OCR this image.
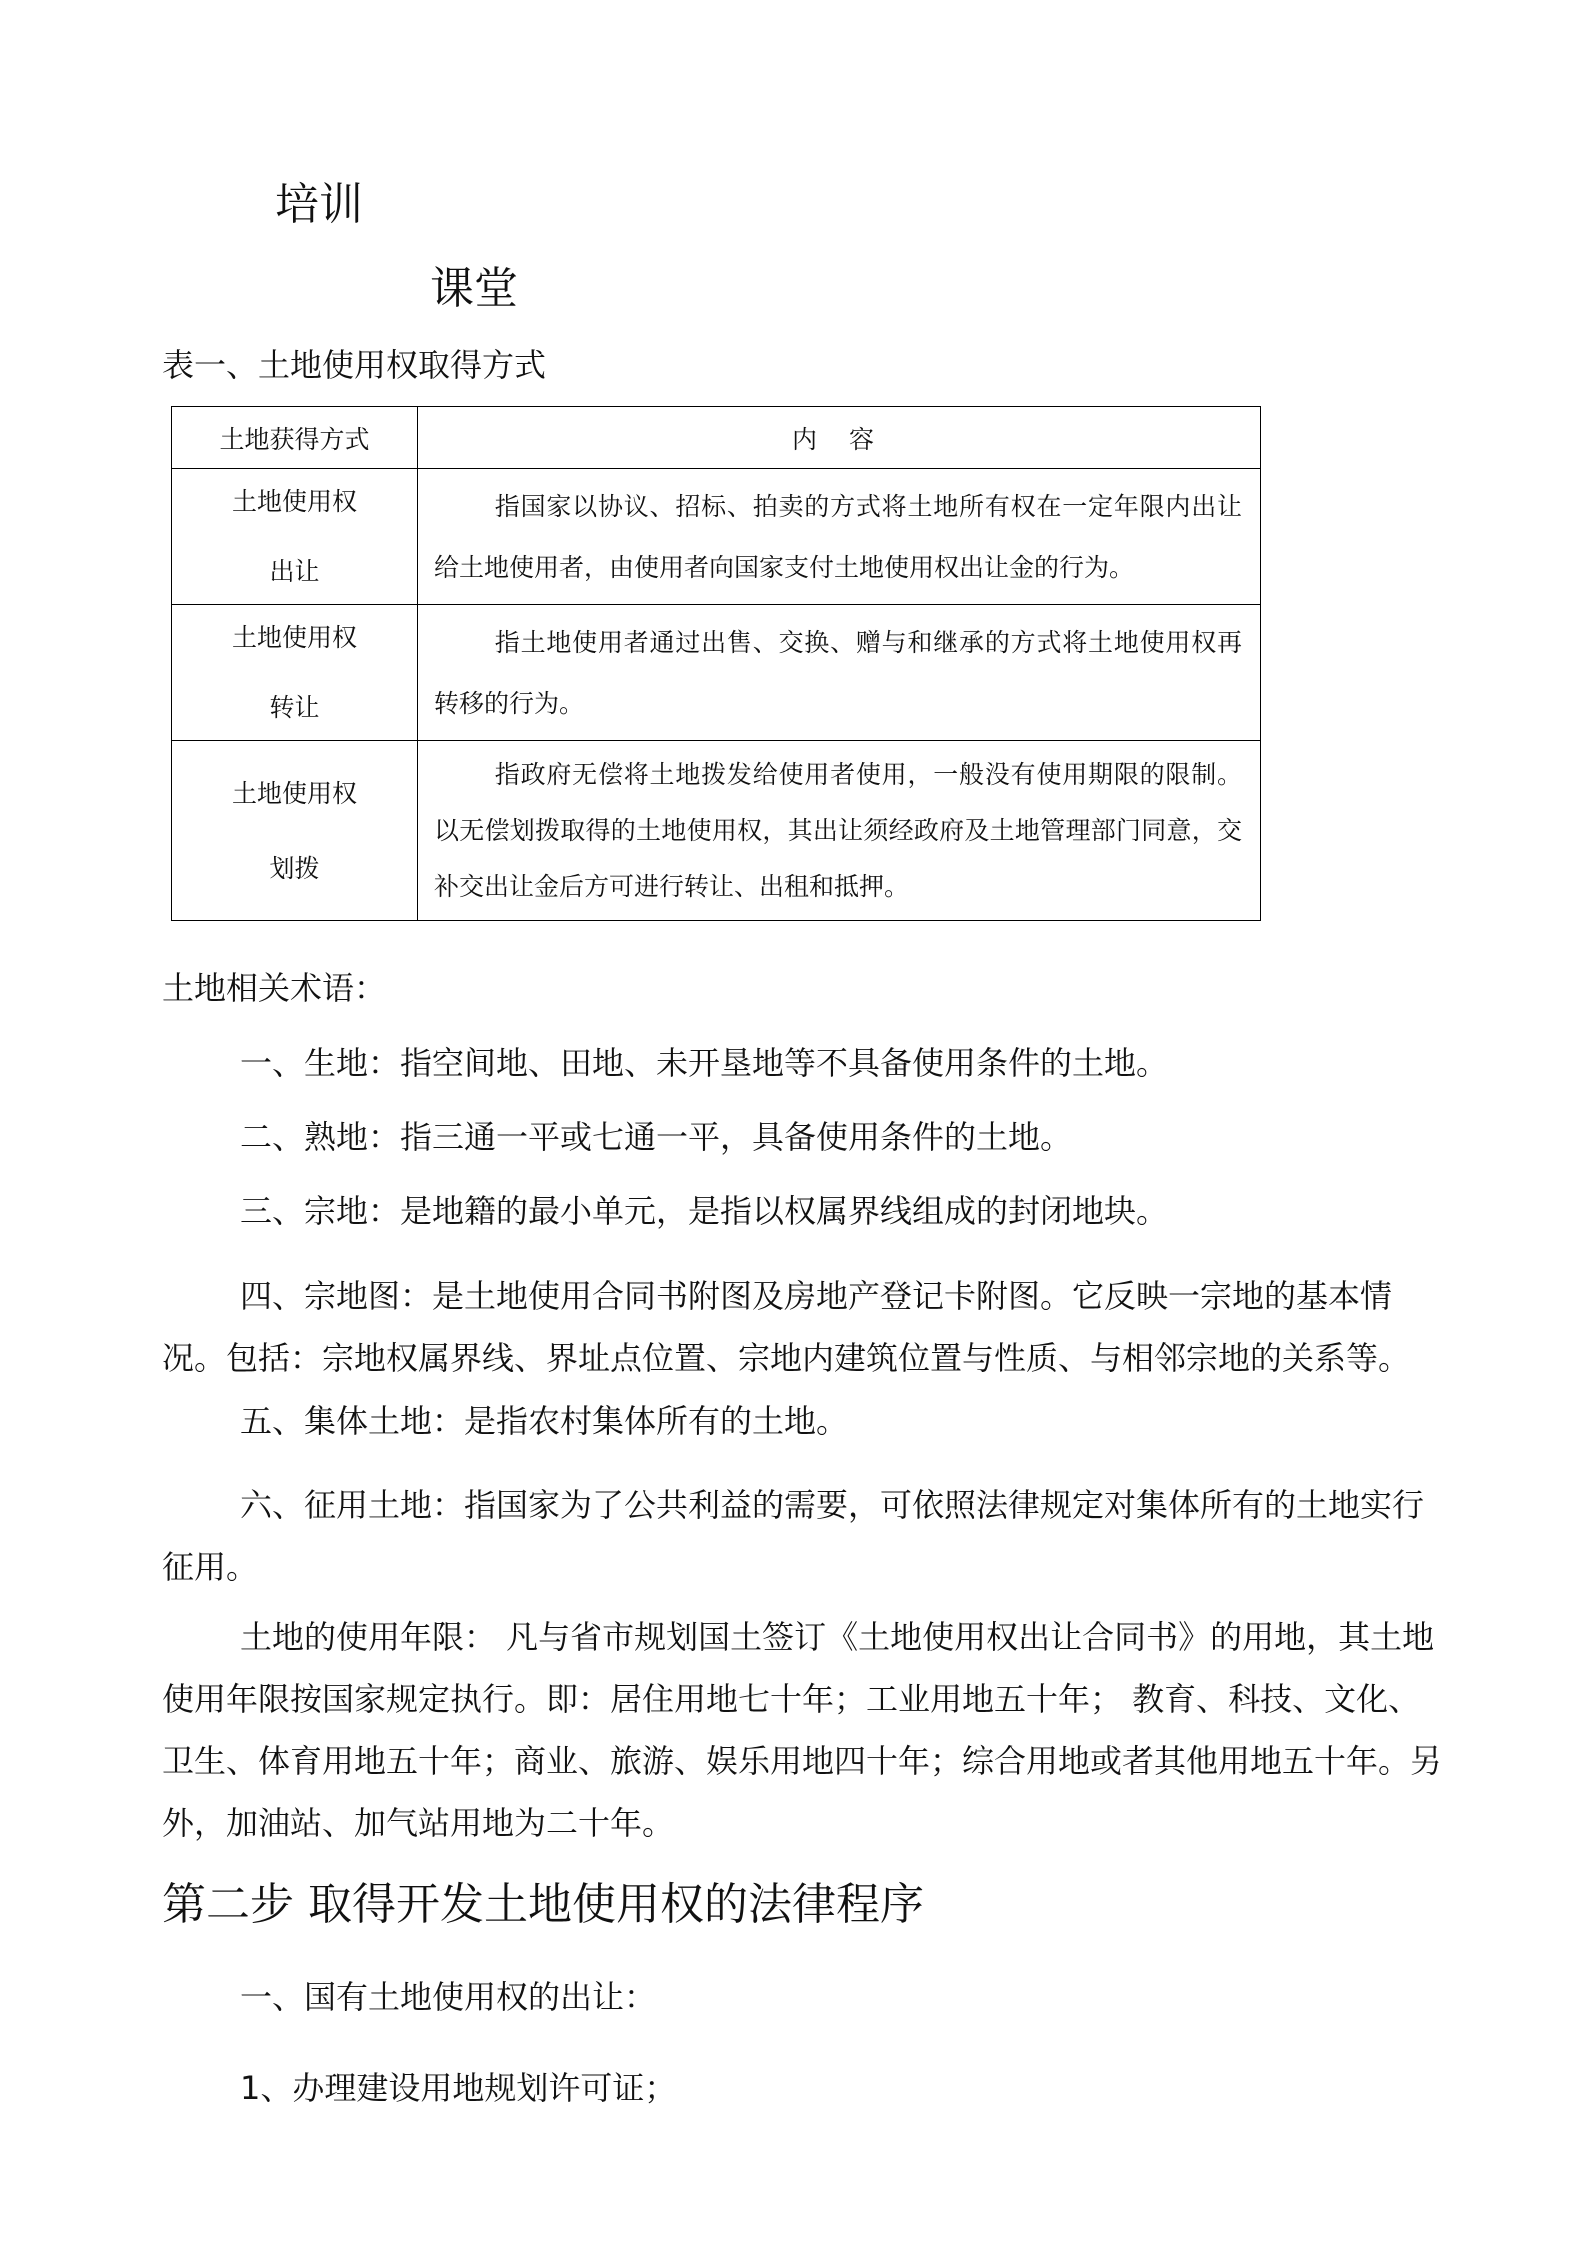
培训
课堂
表一、土地使用权取得方式
土地获得方式	内 容

土地使用权
出让	指国家以协议、招标、拍卖的方式将土地所有权在一定年限内出让给土地使用者，由使用者向国家支付土地使用权出让金的行为。

土地使用权
转让	指土地使用者通过出售、交换、赠与和继承的方式将土地使用权再转移的行为。

土地使用权
划拨	指政府无偿将土地拨发给使用者使用，一般没有使用期限的限制。以无偿划拨取得的土地使用权，其出让须经政府及土地管理部门同意，交补交出让金后方可进行转让、出租和抵押。
土地相关术语：
一、生地：指空间地、田地、未开垦地等不具备使用条件的土地。
二、熟地：指三通一平或七通一平，具备使用条件的土地。
三、宗地：是地籍的最小单元，是指以权属界线组成的封闭地块。
四、宗地图：是土地使用合同书附图及房地产登记卡附图。它反映一宗地的基本情况。包括：宗地权属界线、界址点位置、宗地内建筑位置与性质、与相邻宗地的关系等。
五、集体土地：是指农村集体所有的土地。
六、征用土地：指国家为了公共利益的需要，可依照法律规定对集体所有的土地实行征用。
土地的使用年限： 凡与省市规划国土签订《土地使用权出让合同书》的用地，其土地使用年限按国家规定执行。即：居住用地七十年；工业用地五十年； 教育、科技、文化、卫生、体育用地五十年；商业、旅游、娱乐用地四十年；综合用地或者其他用地五十年。另外，加油站、加气站用地为二十年。
第二步 取得开发土地使用权的法律程序
一、国有土地使用权的出让：
1、办理建设用地规划许可证；
